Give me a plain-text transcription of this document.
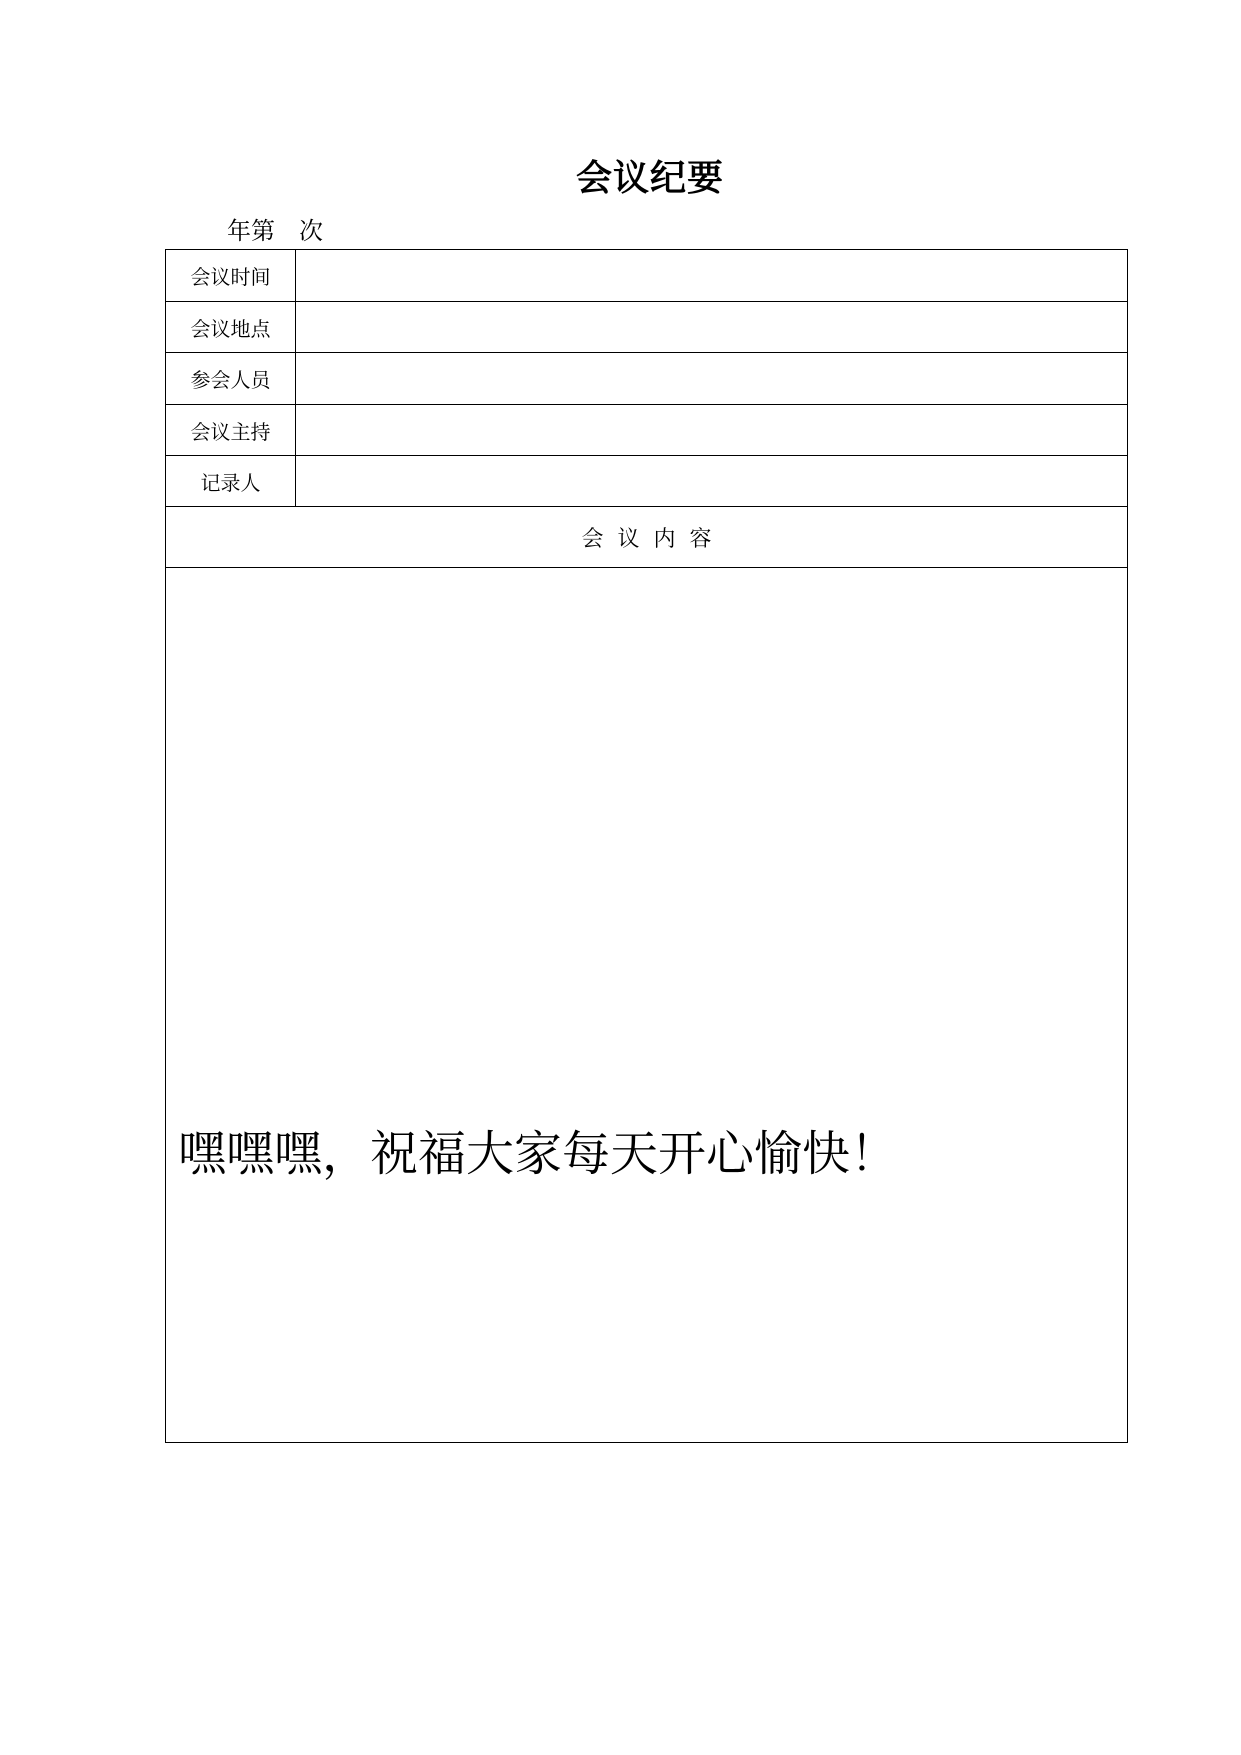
会议纪要
年第　次
会议时间
会议地点
参会人员
会议主持
记录人
会议内容
嘿嘿嘿，祝福大家每天开心愉快！
